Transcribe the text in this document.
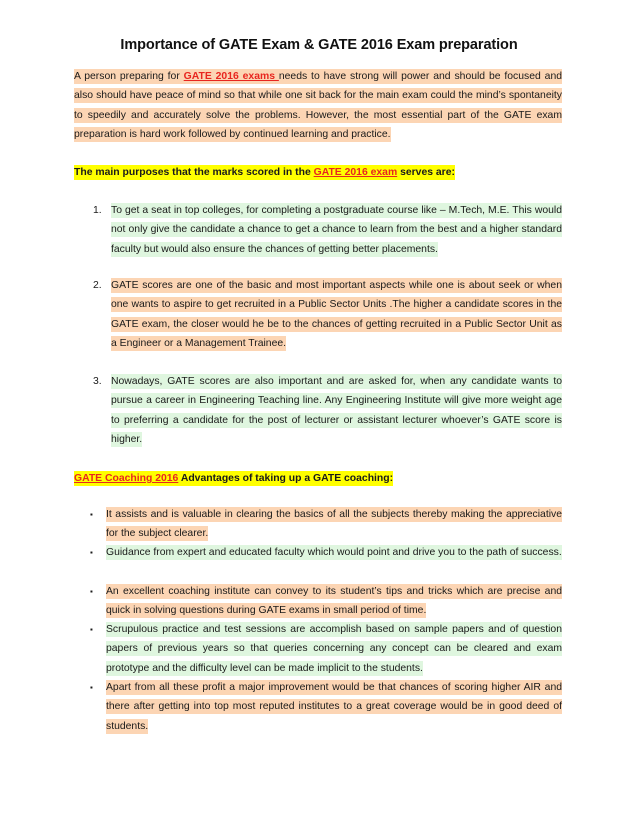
Importance of GATE Exam & GATE 2016 Exam preparation
A person preparing for GATE 2016 exams needs to have strong will power and should be focused and also should have peace of mind so that while one sit back for the main exam could the mind’s spontaneity to speedily and accurately solve the problems. However, the most essential part of the GATE exam preparation is hard work followed by continued learning and practice.
The main purposes that the marks scored in the GATE 2016 exam serves are:
1. To get a seat in top colleges, for completing a postgraduate course like – M.Tech, M.E. This would not only give the candidate a chance to get a chance to learn from the best and a higher standard faculty but would also ensure the chances of getting better placements.
2. GATE scores are one of the basic and most important aspects while one is about seek or when one wants to aspire to get recruited in a Public Sector Units .The higher a candidate scores in the GATE exam, the closer would he be to the chances of getting recruited in a Public Sector Unit as a Engineer or a Management Trainee.
3. Nowadays, GATE scores are also important and are asked for, when any candidate wants to pursue a career in Engineering Teaching line. Any Engineering Institute will give more weight age to preferring a candidate for the post of lecturer or assistant lecturer whoever’s GATE score is higher.
GATE Coaching 2016 Advantages of taking up a GATE coaching:
▪ It assists and is valuable in clearing the basics of all the subjects thereby making the appreciative for the subject clearer.
▪ Guidance from expert and educated faculty which would point and drive you to the path of success.
▪ An excellent coaching institute can convey to its student’s tips and tricks which are precise and quick in solving questions during GATE exams in small period of time.
▪ Scrupulous practice and test sessions are accomplish based on sample papers and of question papers of previous years so that queries concerning any concept can be cleared and exam prototype and the difficulty level can be made implicit to the students.
▪ Apart from all these profit a major improvement would be that chances of scoring higher AIR and there after getting into top most reputed institutes to a great coverage would be in good deed of students.
